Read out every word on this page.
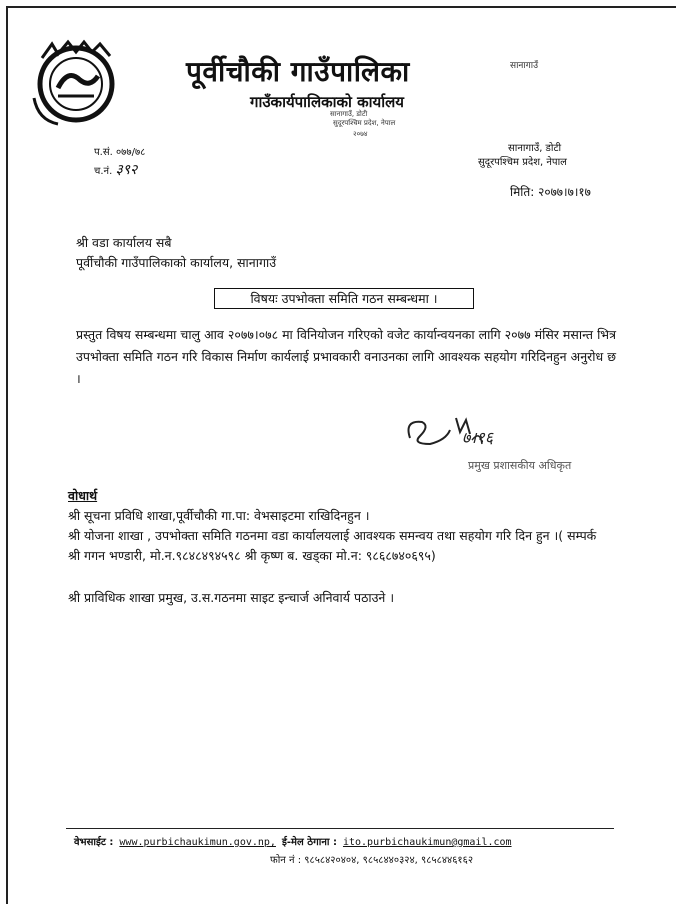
पूर्वीचौकी गाउँपालिका
गाउँकार्यपालिकाको कार्यालय
सानागाउँ
सानागाउँ, डोटी
सुदूरपश्चिम प्रदेश, नेपाल
२०७४
प.सं. ०७७/७८
च.नं. ३९२
सानागाउँ, डोटी
सुदूरपश्चिम प्रदेश, नेपाल
मिति: २०७७।७।१७
श्री वडा कार्यालय सबै
पूर्वीचौकी गाउँपालिकाको कार्यालय, सानागाउँ
विषयः उपभोक्ता समिति गठन सम्बन्धमा ।
प्रस्तुत विषय सम्बन्धमा चालु आव २०७७।०७८ मा विनियोजन गरिएको वजेट कार्यान्वयनका लागि २०७७ मंसिर मसान्त भित्र उपभोक्ता समिति गठन गरि विकास निर्माण कार्यलाई प्रभावकारी वनाउनका लागि आवश्यक सहयोग गरिदिनहुन अनुरोध छ ।
७।१६
प्रमुख प्रशासकीय अधिकृत
वोधार्थ
श्री सूचना प्रविधि शाखा,पूर्वीचौकी गा.पा: वेभसाइटमा राखिदिनहुन ।
श्री योजना शाखा , उपभोक्ता समिति गठनमा वडा कार्यालयलाई आवश्यक समन्वय तथा सहयोग गरि दिन हुन ।( सम्पर्क श्री गगन भण्डारी, मो.न.९८४८४९४५९८ श्री कृष्ण ब. खड्का मो.न: ९८६८७४०६९५)
श्री प्राविधिक शाखा प्रमुख, उ.स.गठनमा साइट इन्चार्ज अनिवार्य पठाउने ।
वेभसाईट : www.purbichaukimun.gov.np, ई-मेल ठेगाना : ito.purbichaukimun@gmail.com
फोन नं : ९८५८४२०४०४, ९८५८४४०३२४, ९८५८४४६१६२
